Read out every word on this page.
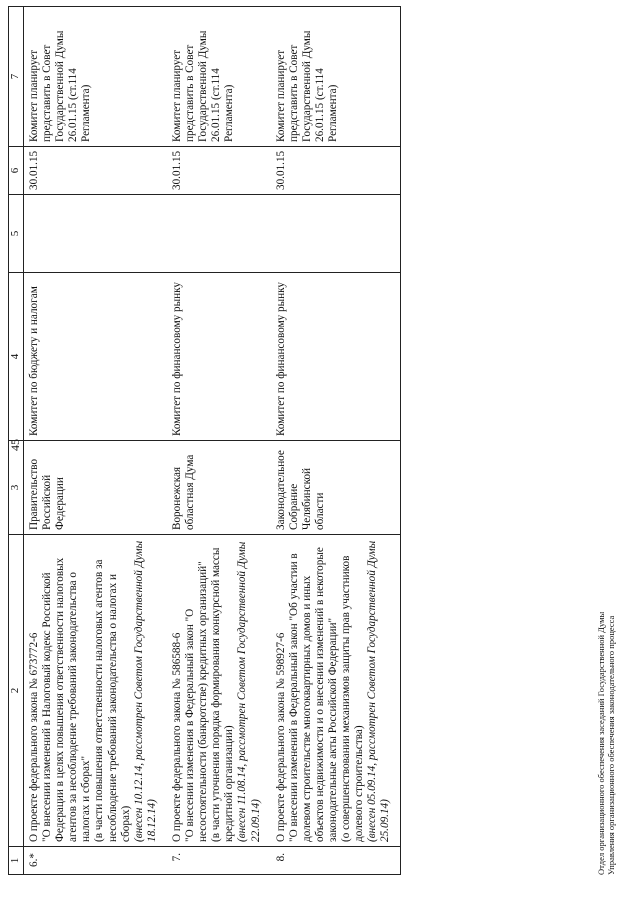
45
1	2	3	4	5	6	7
6.*	О проекте федерального закона № 673772-6 "О внесении изменений в Налоговый кодекс Российской Федерации в целях повышения ответственности налоговых агентов за несоблюдение требований законодательства о налогах и сборах" (в части повышения ответственности налоговых агентов за несоблюдение требований законодательства о налогах и сборах) (внесен 10.12.14, рассмотрен Советом Государственной Думы 18.12.14)	Правительство Российской Федерации	Комитет по бюджету и налогам		30.01.15	Комитет планирует представить в Совет Государственной Думы 26.01.15 (ст.114 Регламента)
7.	О проекте федерального закона № 586588-6 "О внесении изменения в Федеральный закон "О несостоятельности (банкротстве) кредитных организаций" (в части уточнения порядка формирования конкурсной массы кредитной организации) (внесен 11.08.14, рассмотрен Советом Государственной Думы 22.09.14)	Воронежская областная Дума	Комитет по финансовому рынку		30.01.15	Комитет планирует представить в Совет Государственной Думы 26.01.15 (ст.114 Регламента)
8.	О проекте федерального закона № 598927-6 "О внесении изменений в Федеральный закон "Об участии в долевом строительстве многоквартирных домов и иных объектов недвижимости и о внесении изменений в некоторые законодательные акты Российской Федерации" (о совершенствовании механизмов защиты прав участников долевого строительства) (внесен 05.09.14, рассмотрен Советом Государственной Думы 25.09.14)	Законодательное Собрание Челябинской области	Комитет по финансовому рынку		30.01.15	Комитет планирует представить в Совет Государственной Думы 26.01.15 (ст.114 Регламента)
Отдел организационного обеспечения заседаний Государственной Думы Управления организационного обеспечения законодательного процесса
